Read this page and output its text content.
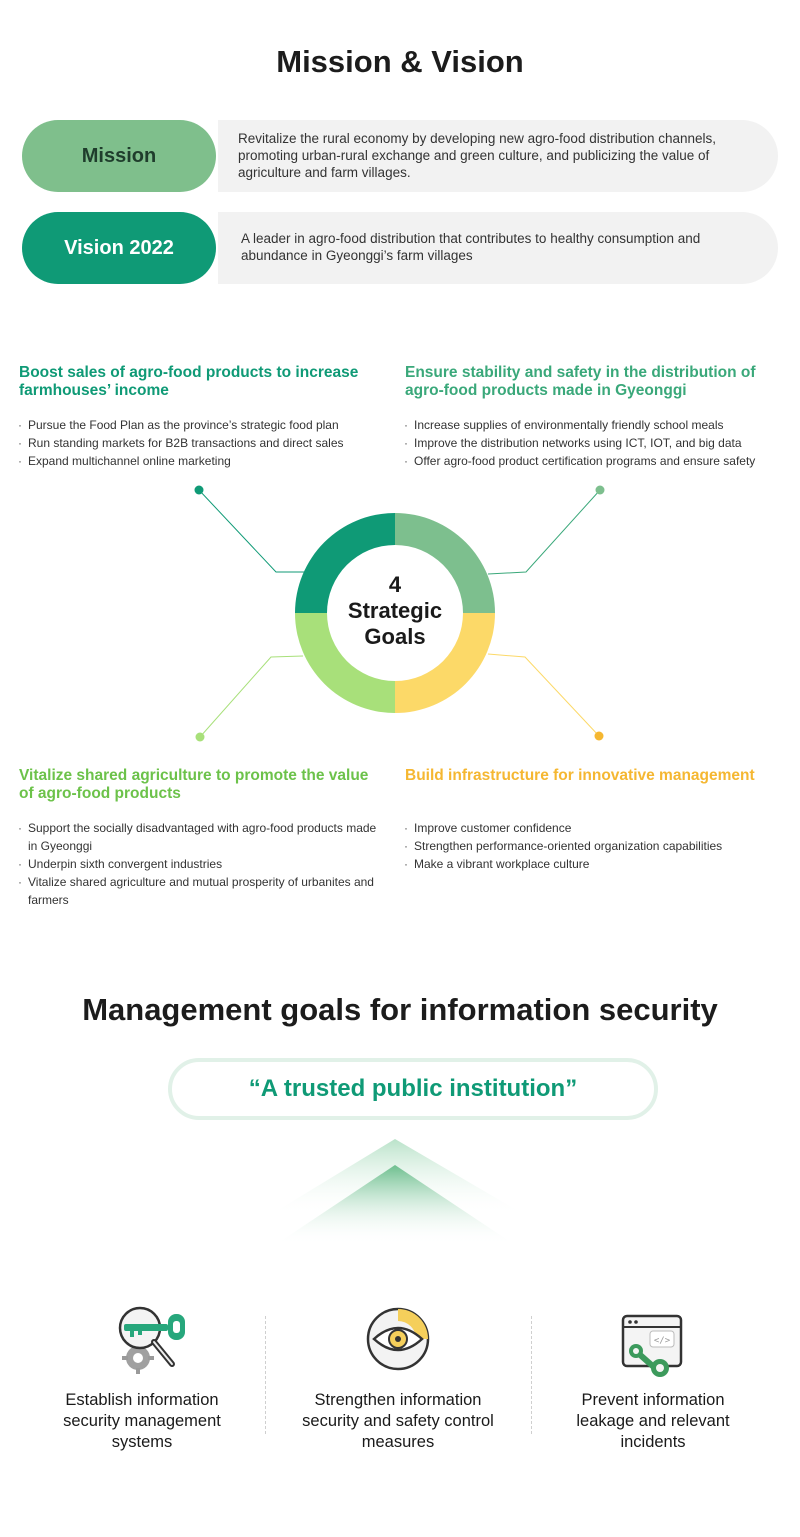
Mission & Vision
Mission
Revitalize the rural economy by developing new agro-food distribution channels, promoting urban-rural exchange and green culture, and publicizing the value of agriculture and farm villages.
Vision 2022	A leader in agro-food distribution that contributes to healthy consumption and abundance in Gyeonggi’s farm villages
Boost sales of agro-food products to increase farmhouses’ income
· Pursue the Food Plan as the province’s strategic food plan
· Run standing markets for B2B transactions and direct sales
· Expand multichannel online marketing
Ensure stability and safety in the distribution of agro-food products made in Gyeonggi
· Increase supplies of environmentally friendly school meals
· Improve the distribution networks using ICT, IOT, and big data
· Offer agro-food product certification programs and ensure safety
Vitalize shared agriculture to promote the value of agro-food products
· Support the socially disadvantaged with agro-food products made in Gyeonggi
· Underpin sixth convergent industries
· Vitalize shared agriculture and mutual prosperity of urbanites and farmers
Build infrastructure for innovative management
· Improve customer confidence
· Strengthen performance-oriented organization capabilities
· Make a vibrant workplace culture
4
Strategic
Goals
Management goals for information security
“A trusted public institution”
</>
Establish information security management systems
Strengthen information security and safety control measures
Prevent information leakage and relevant incidents
